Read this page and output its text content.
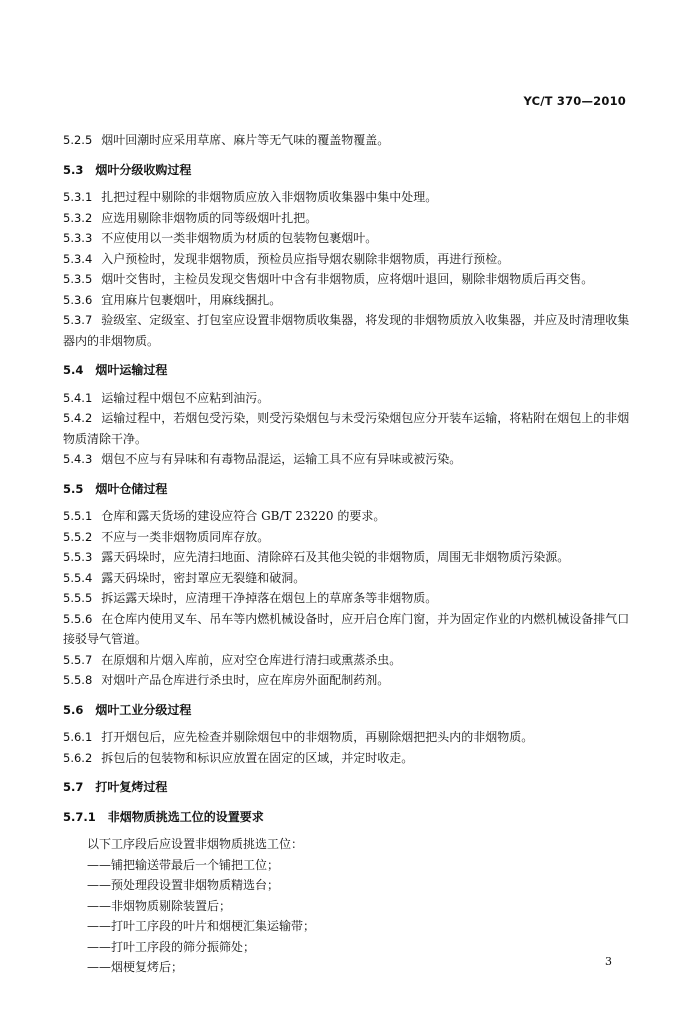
YC/T 370—2010

5.2.5 烟叶回潮时应采用草席、麻片等无气味的覆盖物覆盖。

5.3 烟叶分级收购过程

5.3.1 扎把过程中剔除的非烟物质应放入非烟物质收集器中集中处理。

5.3.2 应选用剔除非烟物质的同等级烟叶扎把。

5.3.3 不应使用以一类非烟物质为材质的包装物包裹烟叶。

5.3.4 入户预检时，发现非烟物质，预检员应指导烟农剔除非烟物质，再进行预检。

5.3.5 烟叶交售时，主检员发现交售烟叶中含有非烟物质，应将烟叶退回，剔除非烟物质后再交售。

5.3.6 宜用麻片包裹烟叶，用麻线捆扎。

5.3.7 验级室、定级室、打包室应设置非烟物质收集器，将发现的非烟物质放入收集器，并应及时清理收集器内的非烟物质。

5.4 烟叶运输过程

5.4.1 运输过程中烟包不应粘到油污。

5.4.2 运输过程中，若烟包受污染，则受污染烟包与未受污染烟包应分开装车运输，将粘附在烟包上的非烟物质清除干净。

5.4.3 烟包不应与有异味和有毒物品混运，运输工具不应有异味或被污染。

5.5 烟叶仓储过程

5.5.1 仓库和露天货场的建设应符合 GB/T 23220 的要求。

5.5.2 不应与一类非烟物质同库存放。

5.5.3 露天码垛时，应先清扫地面、清除碎石及其他尖锐的非烟物质，周围无非烟物质污染源。

5.5.4 露天码垛时，密封罩应无裂缝和破洞。

5.5.5 拆运露天垛时，应清理干净掉落在烟包上的草席条等非烟物质。

5.5.6 在仓库内使用叉车、吊车等内燃机械设备时，应开启仓库门窗，并为固定作业的内燃机械设备排气口接驳导气管道。

5.5.7 在原烟和片烟入库前，应对空仓库进行清扫或熏蒸杀虫。

5.5.8 对烟叶产品仓库进行杀虫时，应在库房外面配制药剂。

5.6 烟叶工业分级过程

5.6.1 打开烟包后，应先检查并剔除烟包中的非烟物质，再剔除烟把把头内的非烟物质。

5.6.2 拆包后的包装物和标识应放置在固定的区域，并定时收走。

5.7 打叶复烤过程

5.7.1 非烟物质挑选工位的设置要求

以下工序段后应设置非烟物质挑选工位：

——铺把输送带最后一个铺把工位；

——预处理段设置非烟物质精选台；

——非烟物质剔除装置后；

——打叶工序段的叶片和烟梗汇集运输带；

——打叶工序段的筛分振筛处；

——烟梗复烤后；	3
